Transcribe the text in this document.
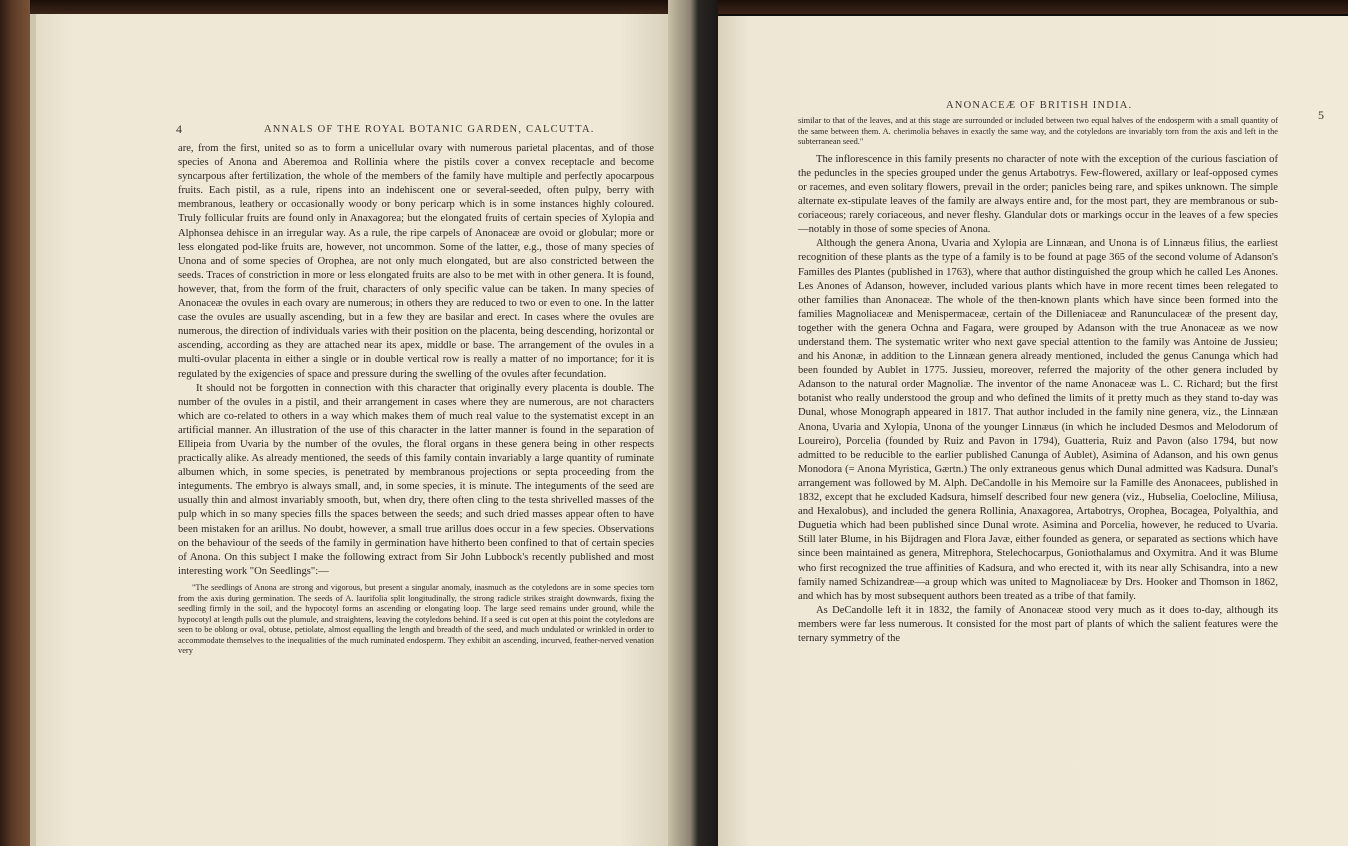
4	ANNALS OF THE ROYAL BOTANIC GARDEN, CALCUTTA.

are, from the first, united so as to form a unicellular ovary with numerous parietal placentas, and of those species of Anona and Aberemoa and Rollinia where the pistils cover a convex receptacle and become syncarpous after fertilization, the whole of the members of the family have multiple and perfectly apocarpous fruits. Each pistil, as a rule, ripens into an indehiscent one or several-seeded, often pulpy, berry with membranous, leathery or occasionally woody or bony pericarp which is in some instances highly coloured. Truly follicular fruits are found only in Anaxagorea; but the elongated fruits of certain species of Xylopia and Alphonsea dehisce in an irregular way. As a rule, the ripe carpels of Anonaceæ are ovoid or globular; more or less elongated pod-like fruits are, however, not uncommon. Some of the latter, e.g., those of many species of Unona and of some species of Orophea, are not only much elongated, but are also constricted between the seeds. Traces of constriction in more or less elongated fruits are also to be met with in other genera. It is found, however, that, from the form of the fruit, characters of only specific value can be taken. In many species of Anonaceæ the ovules in each ovary are numerous; in others they are reduced to two or even to one. In the latter case the ovules are usually ascending, but in a few they are basilar and erect. In cases where the ovules are numerous, the direction of individuals varies with their position on the placenta, being descending, horizontal or ascending, according as they are attached near its apex, middle or base. The arrangement of the ovules in a multi-ovular placenta in either a single or in double vertical row is really a matter of no importance; for it is regulated by the exigencies of space and pressure during the swelling of the ovules after fecundation.

It should not be forgotten in connection with this character that originally every placenta is double. The number of the ovules in a pistil, and their arrangement in cases where they are numerous, are not characters which are co-related to others in a way which makes them of much real value to the systematist except in an artificial manner. An illustration of the use of this character in the latter manner is found in the separation of Ellipeia from Uvaria by the number of the ovules, the floral organs in these genera being in other respects practically alike. As already mentioned, the seeds of this family contain invariably a large quantity of ruminate albumen which, in some species, is penetrated by membranous projections or septa proceeding from the integuments. The embryo is always small, and, in some species, it is minute. The integuments of the seed are usually thin and almost invariably smooth, but, when dry, there often cling to the testa shrivelled masses of the pulp which in so many species fills the spaces between the seeds; and such dried masses appear often to have been mistaken for an arillus. No doubt, however, a small true arillus does occur in a few species. Observations on the behaviour of the seeds of the family in germination have hitherto been confined to that of certain species of Anona. On this subject I make the following extract from Sir John Lubbock's recently published and most interesting work "On Seedlings":—

"The seedlings of Anona are strong and vigorous, but present a singular anomaly, inasmuch as the cotyledons are in some species torn from the axis during germination. The seeds of A. laurifolia split longitudinally, the strong radicle strikes straight downwards, fixing the seedling firmly in the soil, and the hypocotyl forms an ascending or elongating loop. The large seed remains under ground, while the hypocotyl at length pulls out the plumule, and straightens, leaving the cotyledons behind. If a seed is cut open at this point the cotyledons are seen to be oblong or oval, obtuse, petiolate, almost equalling the length and breadth of the seed, and much undulated or wrinkled in order to accommodate themselves to the inequalities of the much ruminated endosperm. They exhibit an ascending, incurved, feather-nerved venation very

ANONACEÆ OF BRITISH INDIA.
5

similar to that of the leaves, and at this stage are surrounded or included between two equal halves of the endosperm with a small quantity of the same between them. A. cherimolia behaves in exactly the same way, and the cotyledons are invariably torn from the axis and left in the subterranean seed."

The inflorescence in this family presents no character of note with the exception of the curious fasciation of the peduncles in the species grouped under the genus Artabotrys. Few-flowered, axillary or leaf-opposed cymes or racemes, and even solitary flowers, prevail in the order; panicles being rare, and spikes unknown. The simple alternate ex-stipulate leaves of the family are always entire and, for the most part, they are membranous or sub-coriaceous; rarely coriaceous, and never fleshy. Glandular dots or markings occur in the leaves of a few species—notably in those of some species of Anona.

Although the genera Anona, Uvaria and Xylopia are Linnæan, and Unona is of Linnæus filius, the earliest recognition of these plants as the type of a family is to be found at page 365 of the second volume of Adanson's Familles des Plantes (published in 1763), where that author distinguished the group which he called Les Anones. Les Anones of Adanson, however, included various plants which have in more recent times been relegated to other families than Anonaceæ. The whole of the then-known plants which have since been formed into the families Magnoliaceæ and Menispermaceæ, certain of the Dilleniaceæ and Ranunculaceæ of the present day, together with the genera Ochna and Fagara, were grouped by Adanson with the true Anonaceæ as we now understand them. The systematic writer who next gave special attention to the family was Antoine de Jussieu; and his Anonæ, in addition to the Linnæan genera already mentioned, included the genus Canunga which had been founded by Aublet in 1775. Jussieu, moreover, referred the majority of the other genera included by Adanson to the natural order Magnoliæ. The inventor of the name Anonaceæ was L. C. Richard; but the first botanist who really understood the group and who defined the limits of it pretty much as they stand to-day was Dunal, whose Monograph appeared in 1817. That author included in the family nine genera, viz., the Linnæan Anona, Uvaria and Xylopia, Unona of the younger Linnæus (in which he included Desmos and Melodorum of Loureiro), Porcelia (founded by Ruiz and Pavon in 1794), Guatteria, Ruiz and Pavon (also 1794, but now admitted to be reducible to the earlier published Canunga of Aublet), Asimina of Adanson, and his own genus Monodora (= Anona Myristica, Gærtn.) The only extraneous genus which Dunal admitted was Kadsura. Dunal's arrangement was followed by M. Alph. DeCandolle in his Memoire sur la Famille des Anonacees, published in 1832, except that he excluded Kadsura, himself described four new genera (viz., Hubselia, Coelocline, Miliusa, and Hexalobus), and included the genera Rollinia, Anaxagorea, Artabotrys, Orophea, Bocagea, Polyalthia, and Duguetia which had been published since Dunal wrote. Asimina and Porcelia, however, he reduced to Uvaria. Still later Blume, in his Bijdragen and Flora Javæ, either founded as genera, or separated as sections which have since been maintained as genera, Mitrephora, Stelechocarpus, Goniothalamus and Oxymitra. And it was Blume who first recognized the true affinities of Kadsura, and who erected it, with its near ally Schisandra, into a new family named Schizandreæ—a group which was united to Magnoliaceæ by Drs. Hooker and Thomson in 1862, and which has by most subsequent authors been treated as a tribe of that family.

As DeCandolle left it in 1832, the family of Anonaceæ stood very much as it does to-day, although its members were far less numerous. It consisted for the most part of plants of which the salient features were the ternary symmetry of the
